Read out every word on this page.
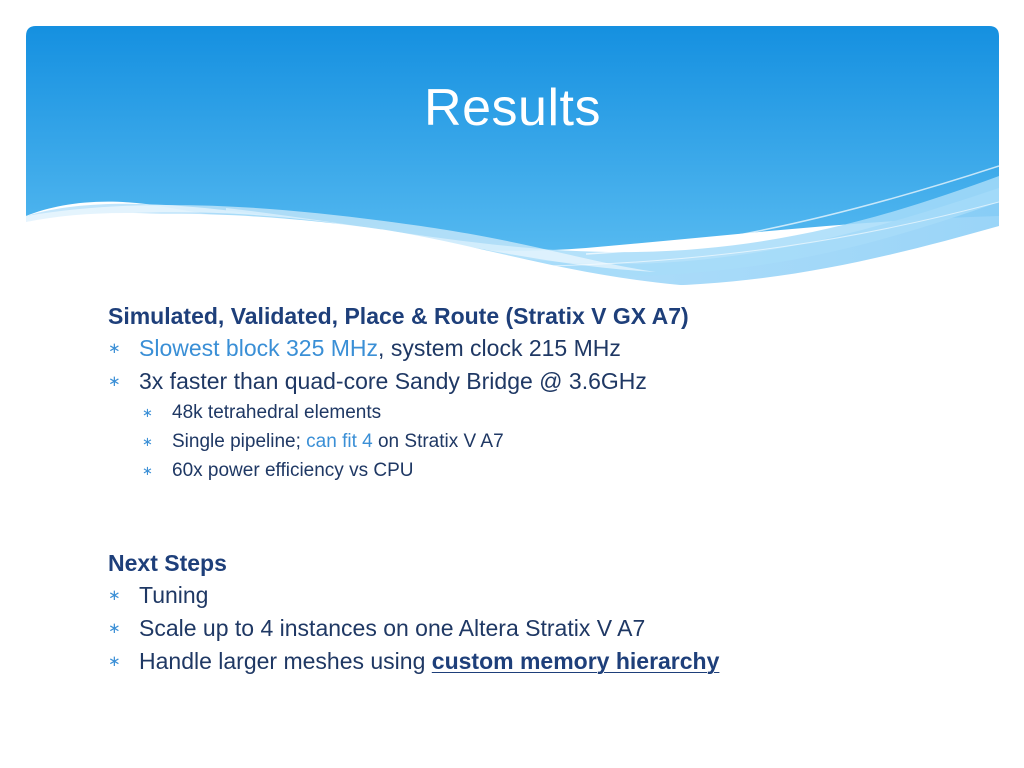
Results
Simulated, Validated, Place & Route (Stratix V GX A7)
∗ Slowest block 325 MHz, system clock 215 MHz
∗ 3x faster than quad-core Sandy Bridge @ 3.6GHz
∗ 48k tetrahedral elements
∗ Single pipeline; can fit 4 on Stratix V A7
∗ 60x power efficiency vs CPU
Next Steps
∗ Tuning
∗ Scale up to 4 instances on one Altera Stratix V A7
∗ Handle larger meshes using custom memory hierarchy
